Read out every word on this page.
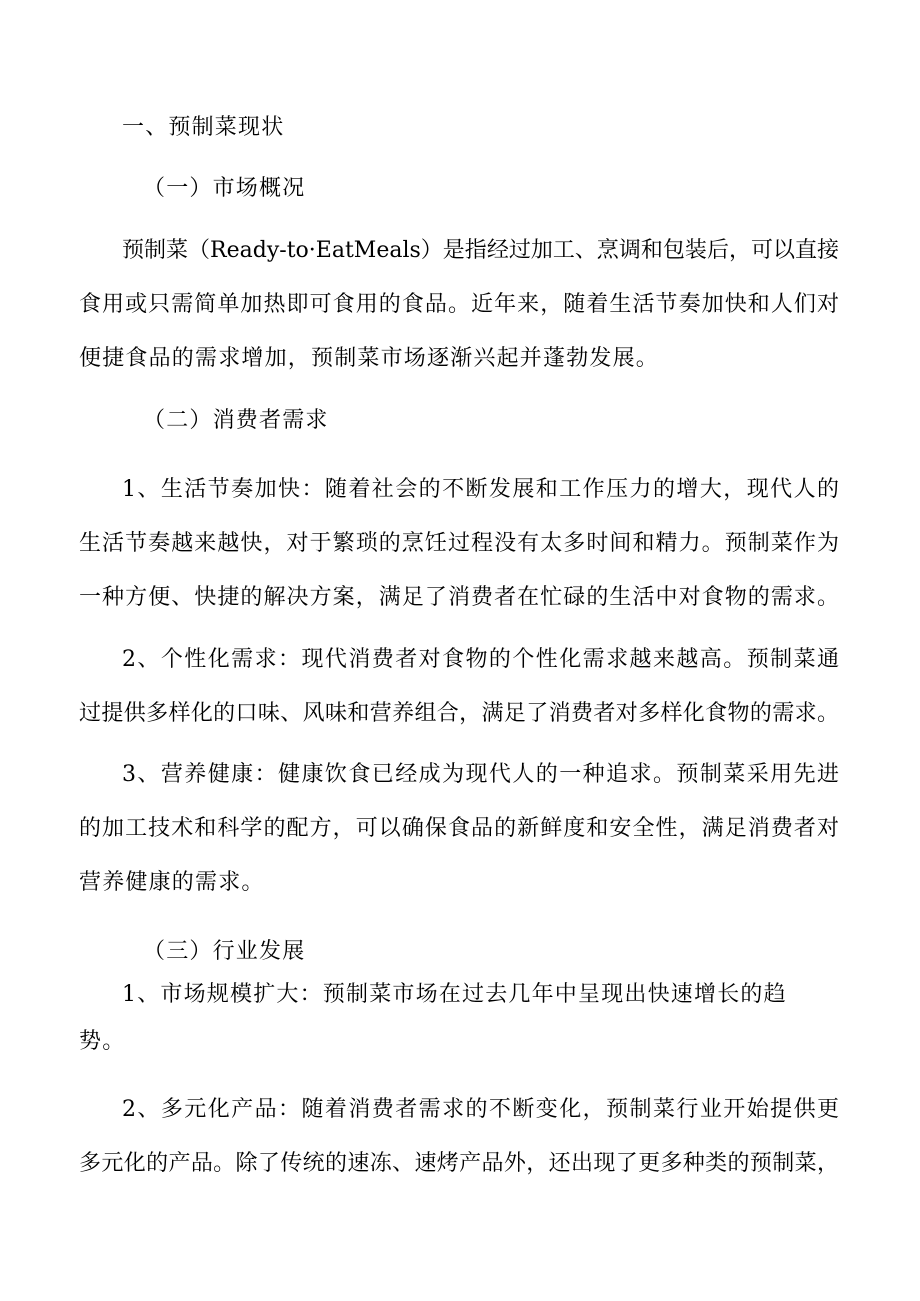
一、预制菜现状
（一）市场概况
预制菜（Ready-to·EatMeals）是指经过加工、烹调和包装后，可以直接
食用或只需简单加热即可食用的食品。近年来，随着生活节奏加快和人们对
便捷食品的需求增加，预制菜市场逐渐兴起并蓬勃发展。
（二）消费者需求
1、生活节奏加快：随着社会的不断发展和工作压力的增大，现代人的
生活节奏越来越快，对于繁琐的烹饪过程没有太多时间和精力。预制菜作为
一种方便、快捷的解决方案，满足了消费者在忙碌的生活中对食物的需求。
2、个性化需求：现代消费者对食物的个性化需求越来越高。预制菜通
过提供多样化的口味、风味和营养组合，满足了消费者对多样化食物的需求。
3、营养健康：健康饮食已经成为现代人的一种追求。预制菜采用先进
的加工技术和科学的配方，可以确保食品的新鲜度和安全性，满足消费者对
营养健康的需求。
（三）行业发展
1、市场规模扩大：预制菜市场在过去几年中呈现出快速增长的趋
势。
2、多元化产品：随着消费者需求的不断变化，预制菜行业开始提供更
多元化的产品。除了传统的速冻、速烤产品外，还出现了更多种类的预制菜，
